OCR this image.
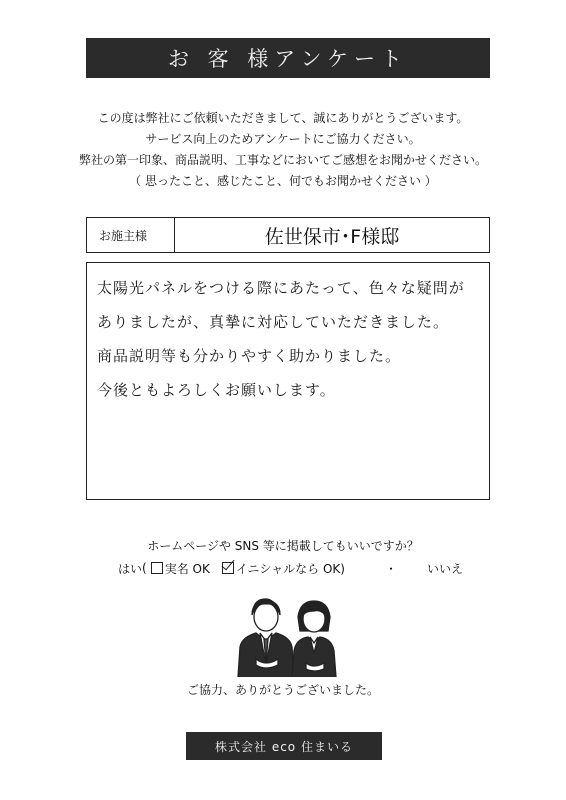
お 客 様アンケート
この度は弊社にご依頼いただきまして、誠にありがとうございます。
サービス向上のためアンケートにご協力ください。
弊社の第一印象、商品説明、工事などにおいてご感想をお聞かせください。
（ 思ったこと、感じたこと、何でもお聞かせください ）
お施主様	佐世保市･F様邸
太陽光パネルをつける際にあたって、色々な疑問が
ありましたが、真摯に対応していただきました。
商品説明等も分かりやすく助かりました。
今後ともよろしくお願いします。
ホームページや SNS 等に掲載してもいいですか？
はい ( 実名 OK イニシャルなら OK)	・	いいえ
ご協力、ありがとうございました。
株式会社 eco 住まいる
